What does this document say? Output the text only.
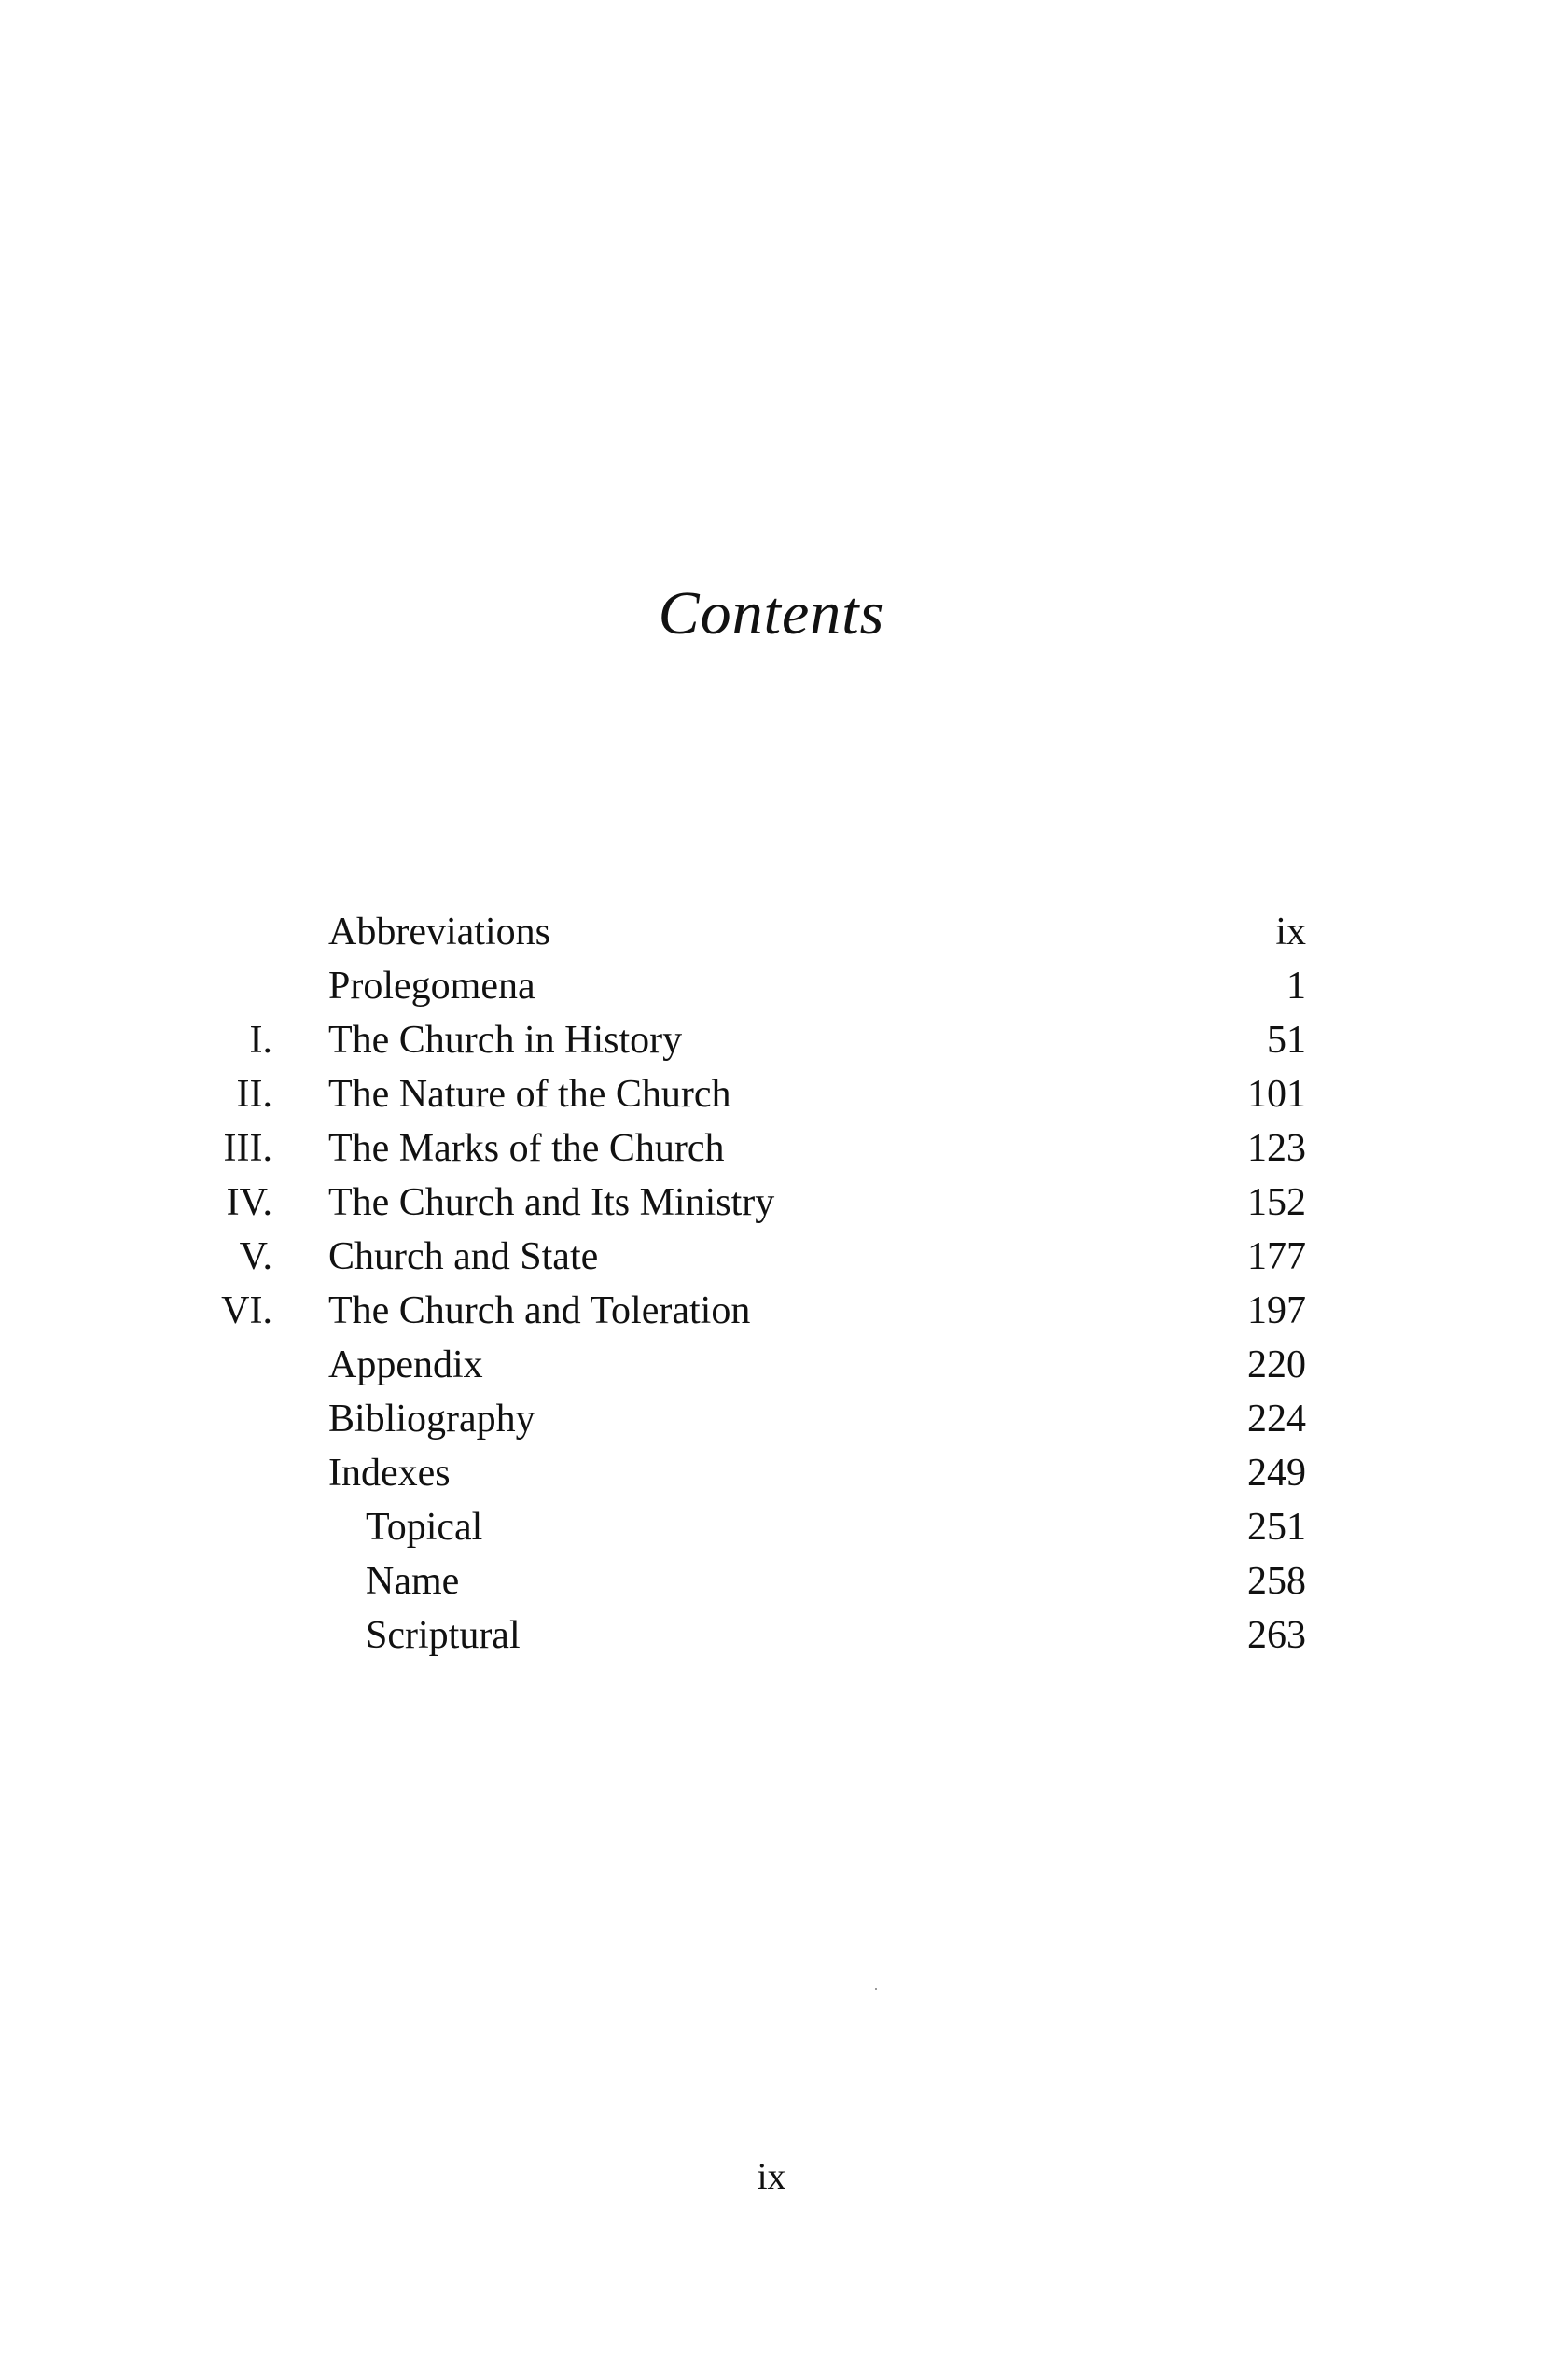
Contents
Abbreviations	ix
Prolegomena	1
I. The Church in History	51
II. The Nature of the Church	101
III. The Marks of the Church	123
IV. The Church and Its Ministry	152
V. Church and State	177
VI. The Church and Toleration	197
Appendix	220
Bibliography	224
Indexes	249
Topical	251
Name	258
Scriptural	263
ix
